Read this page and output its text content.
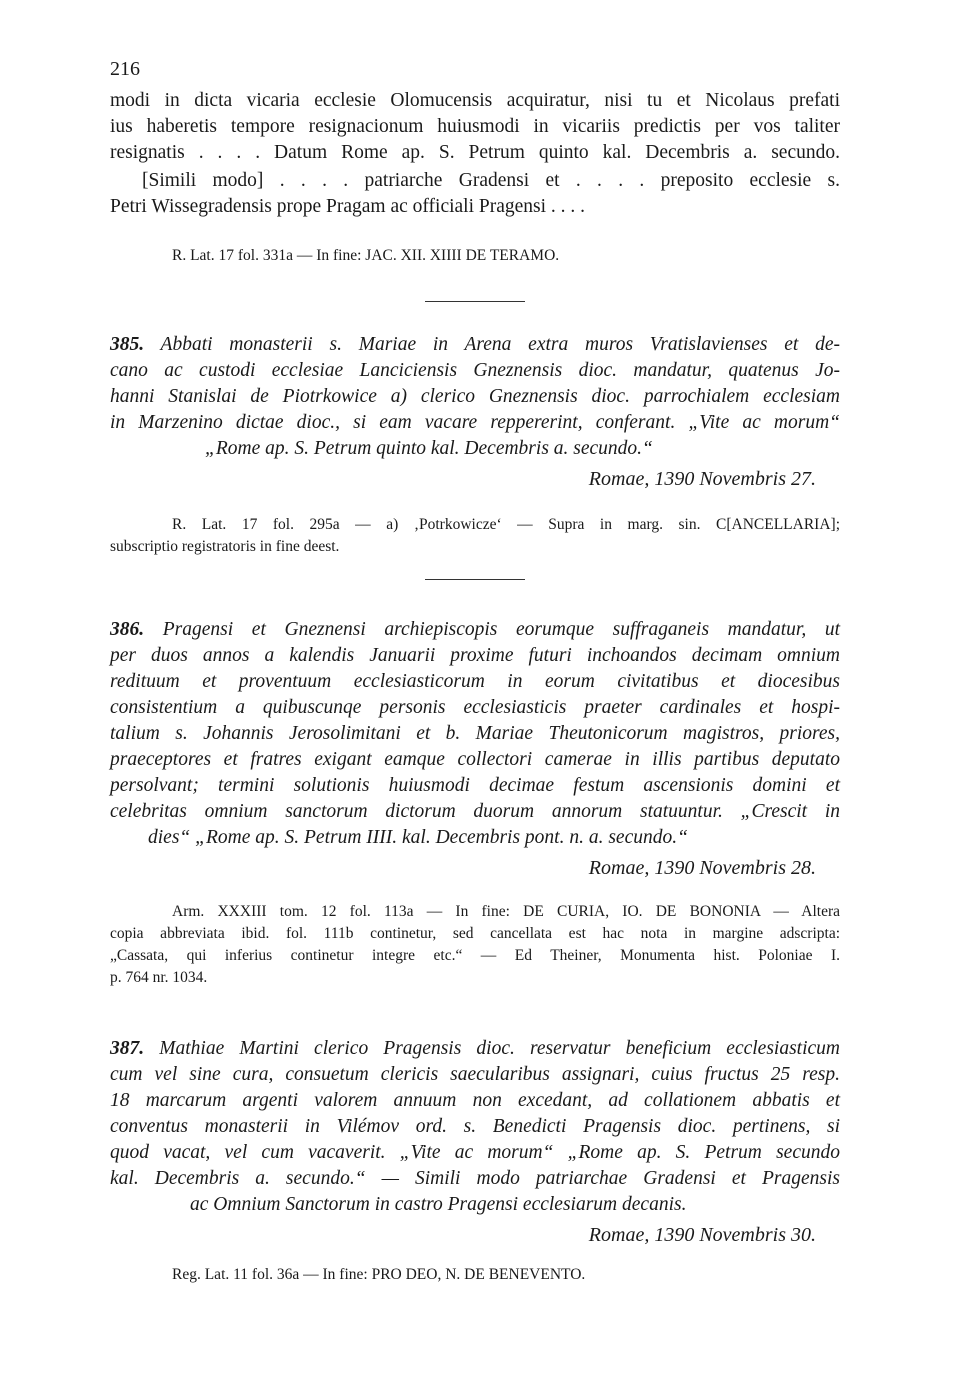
216
modi in dicta vicaria ecclesie Olomucensis acquiratur, nisi tu et Nicolaus prefati
ius haberetis tempore resignacionum huiusmodi in vicariis predictis per vos taliter
resignatis . . . . Datum Rome ap. S. Petrum quinto kal. Decembris a. secundo.
[Simili modo] . . . . patriarche Gradensi et . . . . preposito ecclesie s.
Petri Wissegradensis prope Pragam ac officiali Pragensi . . . .
R. Lat. 17 fol. 331a — In fine: JAC. XII. XIIII DE TERAMO.
385. Abbati monasterii s. Mariae in Arena extra muros Vratislavienses et de-
cano ac custodi ecclesiae Lanciciensis Gneznensis dioc. mandatur, quatenus Jo-
hanni Stanislai de Piotrkowice a) clerico Gneznensis dioc. parrochialem ecclesiam
in Marzenino dictae dioc., si eam vacare reppererint, conferant. „Vite ac morum“
„Rome ap. S. Petrum quinto kal. Decembris a. secundo.“
Romae, 1390 Novembris 27.
R. Lat. 17 fol. 295a — a) ‚Potrkowicze‘ — Supra in marg. sin. C[ANCELLARIA];
subscriptio registratoris in fine deest.
386. Pragensi et Gneznensi archiepiscopis eorumque suffraganeis mandatur, ut
per duos annos a kalendis Januarii proxime futuri inchoandos decimam omnium
redituum et proventuum ecclesiasticorum in eorum civitatibus et diocesibus
consistentium a quibuscunqe personis ecclesiasticis praeter cardinales et hospi-
talium s. Johannis Jerosolimitani et b. Mariae Theutonicorum magistros, priores,
praeceptores et fratres exigant eamque collectori camerae in illis partibus deputato
persolvant; termini solutionis huiusmodi decimae festum ascensionis domini et
celebritas omnium sanctorum dictorum duorum annorum statuuntur. „Crescit in
dies“ „Rome ap. S. Petrum IIII. kal. Decembris pont. n. a. secundo.“
Romae, 1390 Novembris 28.
Arm. XXXIII tom. 12 fol. 113a — In fine: DE CURIA, IO. DE BONONIA — Altera
copia abbreviata ibid. fol. 111b continetur, sed cancellata est hac nota in margine adscripta:
„Cassata, qui inferius continetur integre etc.“ — Ed Theiner, Monumenta hist. Poloniae I.
p. 764 nr. 1034.
387. Mathiae Martini clerico Pragensis dioc. reservatur beneficium ecclesiasticum
cum vel sine cura, consuetum clericis saecularibus assignari, cuius fructus 25 resp.
18 marcarum argenti valorem annuum non excedant, ad collationem abbatis et
conventus monasterii in Vilémov ord. s. Benedicti Pragensis dioc. pertinens, si
quod vacat, vel cum vacaverit. „Vite ac morum“ „Rome ap. S. Petrum secundo
kal. Decembris a. secundo.“ — Simili modo patriarchae Gradensi et Pragensis
ac Omnium Sanctorum in castro Pragensi ecclesiarum decanis.
Romae, 1390 Novembris 30.
Reg. Lat. 11 fol. 36a — In fine: PRO DEO, N. DE BENEVENTO.
